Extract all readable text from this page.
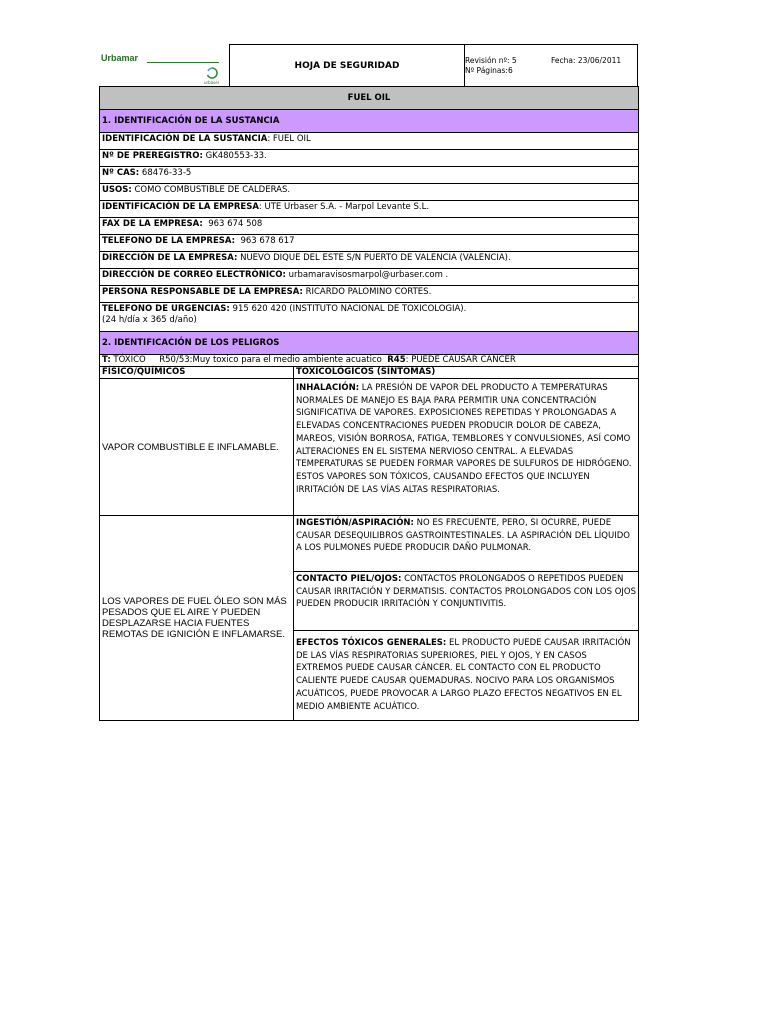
Urbamar
urbaser
HOJA DE SEGURIDAD	Revisión nº: 5
Nº Páginas:6
Fecha: 23/06/2011
FUEL OIL	
1. IDENTIFICACIÓN DE LA SUSTANCIA	
IDENTIFICACIÓN DE LA SUSTANCIA: FUEL OIL	
Nº DE PREREGISTRO: GK480553-33.	
Nº CAS: 68476-33-5	
USOS: COMO COMBUSTIBLE DE CALDERAS.	
IDENTIFICACIÓN DE LA EMPRESA: UTE Urbaser S.A. - Marpol Levante S.L.	
FAX DE LA EMPRESA: 963 674 508	
TELEFONO DE LA EMPRESA: 963 678 617	
DIRECCIÓN DE LA EMPRESA: NUEVO DIQUE DEL ESTE S/N PUERTO DE VALENCIA (VALENCIA).	
DIRECCIÓN DE CORREO ELECTRÓNICO: urbamaravisosmarpol@urbaser.com .	
PERSONA RESPONSABLE DE LA EMPRESA: RICARDO PALOMINO CORTES.	
TELEFONO DE URGENCIAS: 915 620 420 (INSTITUTO NACIONAL DE TOXICOLOGIA).
(24 h/día x 365 d/año)	
2. IDENTIFICACIÓN DE LOS PELIGROS	
T: TÓXICO     R50/53:Muy toxico para el medio ambiente acuatico  R45: PUEDE CAUSAR CANCER	
FÍSICO/QUÍMICOS	TOXICOLÓGICOS (SÍNTOMAS)
VAPOR COMBUSTIBLE E INFLAMABLE.	INHALACIÓN: LA PRESIÓN DE VAPOR DEL PRODUCTO A TEMPERATURAS NORMALES DE MANEJO ES BAJA PARA PERMITIR UNA CONCENTRACIÓN SIGNIFICATIVA DE VAPORES. EXPOSICIONES REPETIDAS Y PROLONGADAS A ELEVADAS CONCENTRACIONES PUEDEN PRODUCIR DOLOR DE CABEZA, MAREOS, VISIÓN BORROSA, FATIGA, TEMBLORES Y CONVULSIONES, ASÍ COMO ALTERACIONES EN EL SISTEMA NERVIOSO CENTRAL. A ELEVADAS TEMPERATURAS SE PUEDEN FORMAR VAPORES DE SULFUROS DE HIDRÓGENO. ESTOS VAPORES SON TÓXICOS, CAUSANDO EFECTOS QUE INCLUYEN IRRITACIÓN DE LAS VÍAS ALTAS RESPIRATORIAS.
LOS VAPORES DE FUEL ÓLEO SON MÁS PESADOS QUE EL AIRE Y PUEDEN DESPLAZARSE HACIA FUENTES REMOTAS DE IGNICIÓN E INFLAMARSE.	INGESTIÓN/ASPIRACIÓN: NO ES FRECUENTE, PERO, SI OCURRE, PUEDE CAUSAR DESEQUILIBROS GASTROINTESTINALES. LA ASPIRACIÓN DEL LÍQUIDO A LOS PULMONES PUEDE PRODUCIR DAÑO PULMONAR.
	CONTACTO PIEL/OJOS: CONTACTOS PROLONGADOS O REPETIDOS PUEDEN CAUSAR IRRITACIÓN Y DERMATISIS. CONTACTOS PROLONGADOS CON LOS OJOS PUEDEN PRODUCIR IRRITACIÓN Y CONJUNTIVITIS.
	EFECTOS TÓXICOS GENERALES: EL PRODUCTO PUEDE CAUSAR IRRITACIÓN DE LAS VÍAS RESPIRATORIAS SUPERIORES, PIEL Y OJOS, Y EN CASOS EXTREMOS PUEDE CAUSAR CÁNCER. EL CONTACTO CON EL PRODUCTO CALIENTE PUEDE CAUSAR QUEMADURAS. NOCIVO PARA LOS ORGANISMOS ACUÁTICOS, PUEDE PROVOCAR A LARGO PLAZO EFECTOS NEGATIVOS EN EL MEDIO AMBIENTE ACUÁTICO.
